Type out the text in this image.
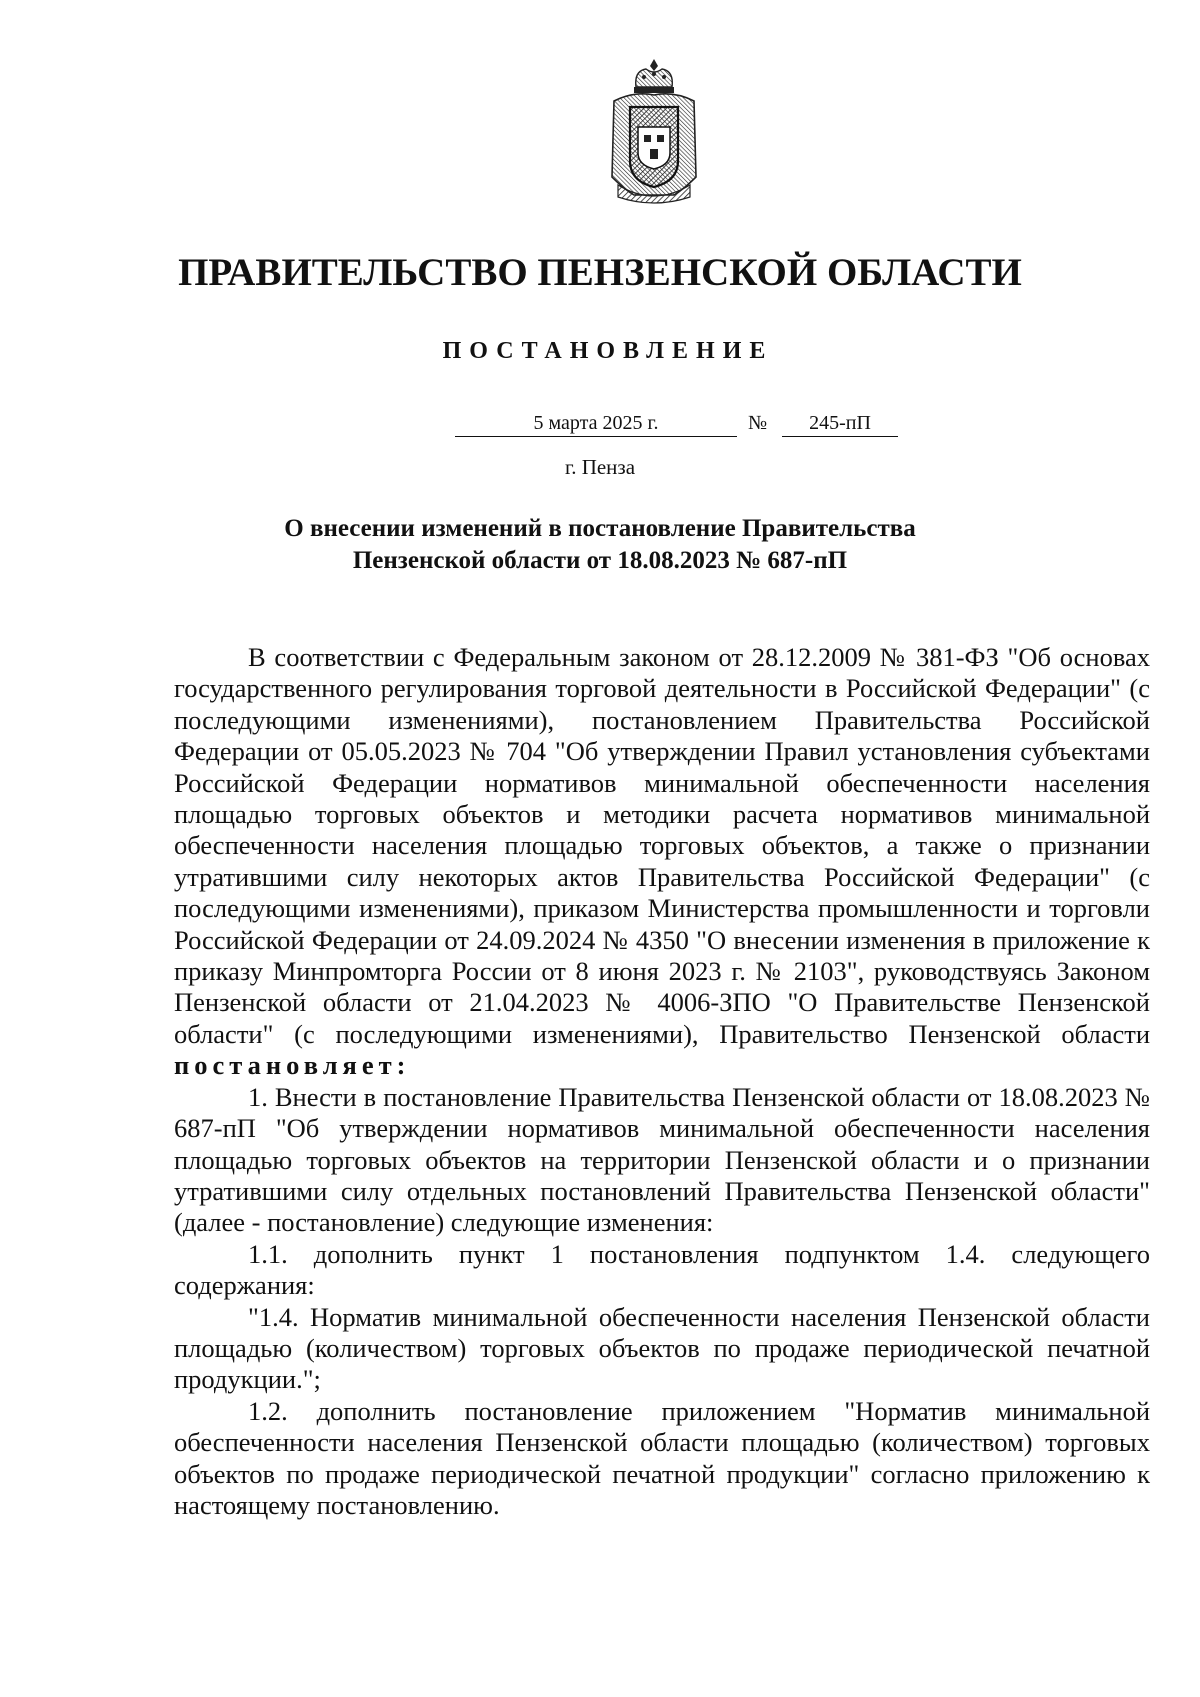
ПРАВИТЕЛЬСТВО ПЕНЗЕНСКОЙ ОБЛАСТИ
ПОСТАНОВЛЕНИЕ
5 марта 2025 г.	№	245-пП
г. Пенза
О внесении изменений в постановление Правительства
Пензенской области от 18.08.2023 № 687-пП

В соответствии с Федеральным законом от 28.12.2009 № 381-ФЗ "Об основах государственного регулирования торговой деятельности в Российской Федерации" (с последующими изменениями), постановлением Правительства Российской Федерации от 05.05.2023 № 704 "Об утверждении Правил установления субъектами Российской Федерации нормативов минимальной обеспеченности населения площадью торговых объектов и методики расчета нормативов минимальной обеспеченности населения площадью торговых объектов, а также о признании утратившими силу некоторых актов Правительства Российской Федерации" (с последующими изменениями), приказом Министерства промышленности и торговли Российской Федерации от 24.09.2024 № 4350 "О внесении изменения в приложение к приказу Минпромторга России от 8 июня 2023 г. № 2103", руководствуясь Законом Пензенской области от 21.04.2023 № 4006-ЗПО "О Правительстве Пензенской области" (с последующими изменениями), Правительство Пензенской области постановляет:

1. Внести в постановление Правительства Пензенской области от 18.08.2023 № 687-пП "Об утверждении нормативов минимальной обеспеченности населения площадью торговых объектов на территории Пензенской области и о признании утратившими силу отдельных постановлений Правительства Пензенской области" (далее - постановление) следующие изменения:

1.1. дополнить пункт 1 постановления подпунктом 1.4. следующего содержания:

"1.4. Норматив минимальной обеспеченности населения Пензенской области площадью (количеством) торговых объектов по продаже периодической печатной продукции.";

1.2. дополнить постановление приложением "Норматив минимальной обеспеченности населения Пензенской области площадью (количеством) торговых объектов по продаже периодической печатной продукции" согласно приложению к настоящему постановлению.
